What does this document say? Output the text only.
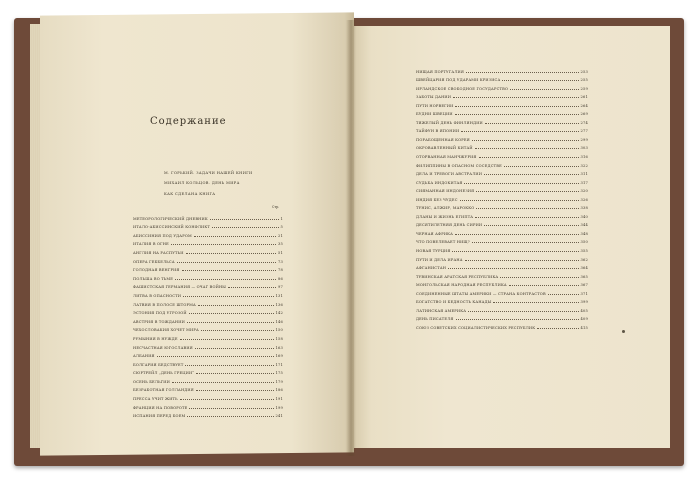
Содержание
М. ГОРЬКИЙ. ЗАДАЧИ НАШЕЙ КНИГИ
МИХАИЛ КОЛЬЦОВ. ДЕНЬ МИРА
КАК СДЕЛАНА КНИГА
Стр.
МЕТЕОРОЛОГИЧЕСКИЙ ДНЕВНИК	1
ИТАЛО-АБИССИНСКИЙ КОНФЛИКТ	5
АБИССИНИЯ ПОД УДАРОМ	21
ИТАЛИЯ В ОГНЕ	35
АНГЛИЯ НА РАСПУТЬИ	51
ОПЕРА ГЕББЕЛЬСА	73
ГОЛОДНАЯ ВЕНГРИЯ	78
ПОЛЬША ВО ТЬМЕ	86
ФАШИСТСКАЯ ГЕРМАНИЯ — ОЧАГ ВОЙНЫ	97
ЛИТВА В ОПАСНОСТИ	131
ЛАТВИЯ В ПОЛОСЕ ШТОРМА	136
ЭСТОНИЯ ПОД УГРОЗОЙ	142
АВСТРИЯ В ТОЖДАНИИ	146
ЧЕХОСЛОВАКИЯ ХОЧЕТ МИРА	150
РУМЫНИЯ В НУЖДЕ	158
НЕСЧАСТНАЯ ЮГОСЛАВИЯ	163
АЛБАНИЯ	169
БОЛГАРИЯ БЕДСТВУЕТ	171
СЮРТРЕЙЛ „ДЕНЬ ГРЕЦИИ“	175
ОСЕНЬ БЕЛЬГИИ	179
БЕЗРАБОТНАЯ ГОЛЛАНДИЯ	186
ПРЕССА УЧИТ ЖИТЬ	191
ФРАНЦИЯ НА ПОВОРОТЕ	199
ИСПАНИЯ ПЕРЕД БОЕМ	241
НИЩАЯ ПОРТУГАЛИЯ	253
ШВЕЙЦАРИЯ ПОД УДАРАМИ КРИЗИСА	255
ИРЛАНДСКОЕ СВОБОДНОЕ ГОСУДАРСТВО	259
ЗАБОТЫ ДАНИИ	261
ПУТИ НОРВЕГИИ	264
БУДНИ ШВЕЦИИ	269
ТЯЖЕЛЫЙ ДЕНЬ ФИНЛЯНДИИ	274
ТАЙФУН В ЯПОНИИ	277
ПОРАБОЩЕННАЯ КОРЕЯ	299
ОКРОВАВЛЕННЫЙ КИТАЙ	303
ОТОРВАННАЯ МАНЧЖУРИЯ	316
ФИЛИППИНЫ В ОПАСНОМ СОСЕДСТВЕ	322
ДЕЛА И ТРЕВОГИ АВСТРАЛИИ	311
СУДЬБА ИНДОКИТАЯ	317
СИЯМАННАЯ ИНДОНЕЗИЯ	320
ИНДИЯ БЕЗ ЧУДЕС	326
ТУНИС, АЛЖИР, МАРОККО	338
ДЛАНЫ И ЖИЗНЬ ЕГИПТА	340
ДЕСЯТИЛЕТНЯЯ ДЕНЬ СИРИИ	344
ЧЕРНАЯ АФРИКА	348
ЧТО ПОВЕЛЕВАЕТ НИЩ?	350
НОВАЯ ТУРЦИЯ	355
ПУТИ И ДЕЛА ИРАНА	362
АФГАНИСТАН	364
ТУВИНСКАЯ АРАТСКАЯ РЕСПУБЛИКА	365
МОНГОЛЬСКАЯ НАРОДНАЯ РЕСПУБЛИКА	367
СОЕДИНЕННЫЕ ШТАТЫ АМЕРИКИ — СТРАНА КОНТРАСТОВ	371
БОГАТСТВО И БЕДНОСТЬ КАНАДЫ	399
ЛАТИНСКАЯ АМЕРИКА	405
ДЕНЬ ПИСАТЕЛЯ	409
СОЮЗ СОВЕТСКИХ СОЦИАЛИСТИЧЕСКИХ РЕСПУБЛИК	415
